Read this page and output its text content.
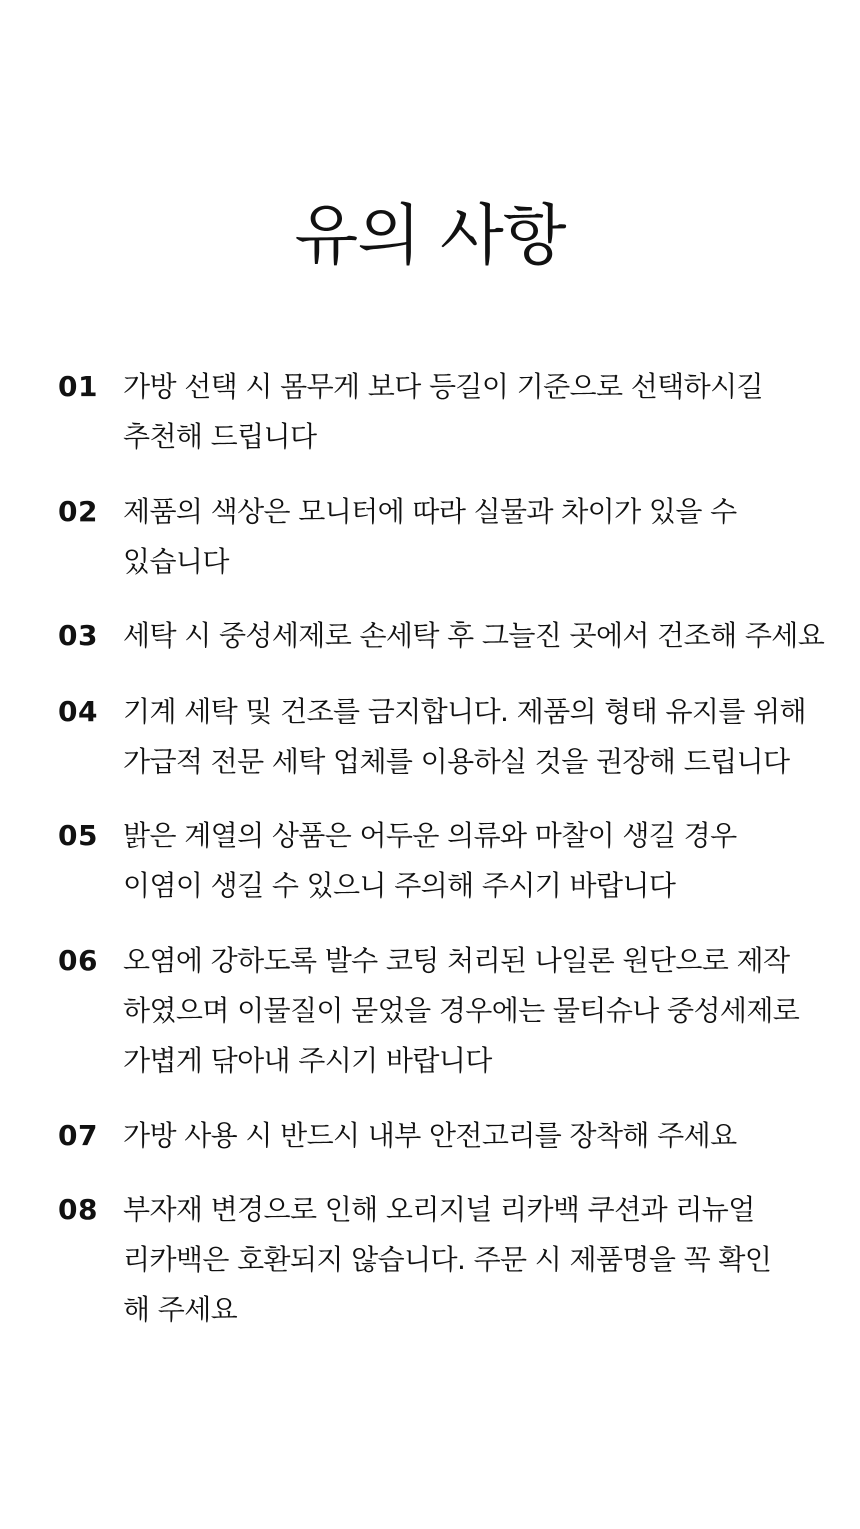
유의 사항
01 가방 선택 시 몸무게 보다 등길이 기준으로 선택하시길
추천해 드립니다
02 제품의 색상은 모니터에 따라 실물과 차이가 있을 수
있습니다
03 세탁 시 중성세제로 손세탁 후 그늘진 곳에서 건조해 주세요
04 기계 세탁 및 건조를 금지합니다. 제품의 형태 유지를 위해
가급적 전문 세탁 업체를 이용하실 것을 권장해 드립니다
05 밝은 계열의 상품은 어두운 의류와 마찰이 생길 경우
이염이 생길 수 있으니 주의해 주시기 바랍니다
06 오염에 강하도록 발수 코팅 처리된 나일론 원단으로 제작
하였으며 이물질이 묻었을 경우에는 물티슈나 중성세제로
가볍게 닦아내 주시기 바랍니다
07 가방 사용 시 반드시 내부 안전고리를 장착해 주세요
08 부자재 변경으로 인해 오리지널 리카백 쿠션과 리뉴얼
리카백은 호환되지 않습니다. 주문 시 제품명을 꼭 확인
해 주세요
